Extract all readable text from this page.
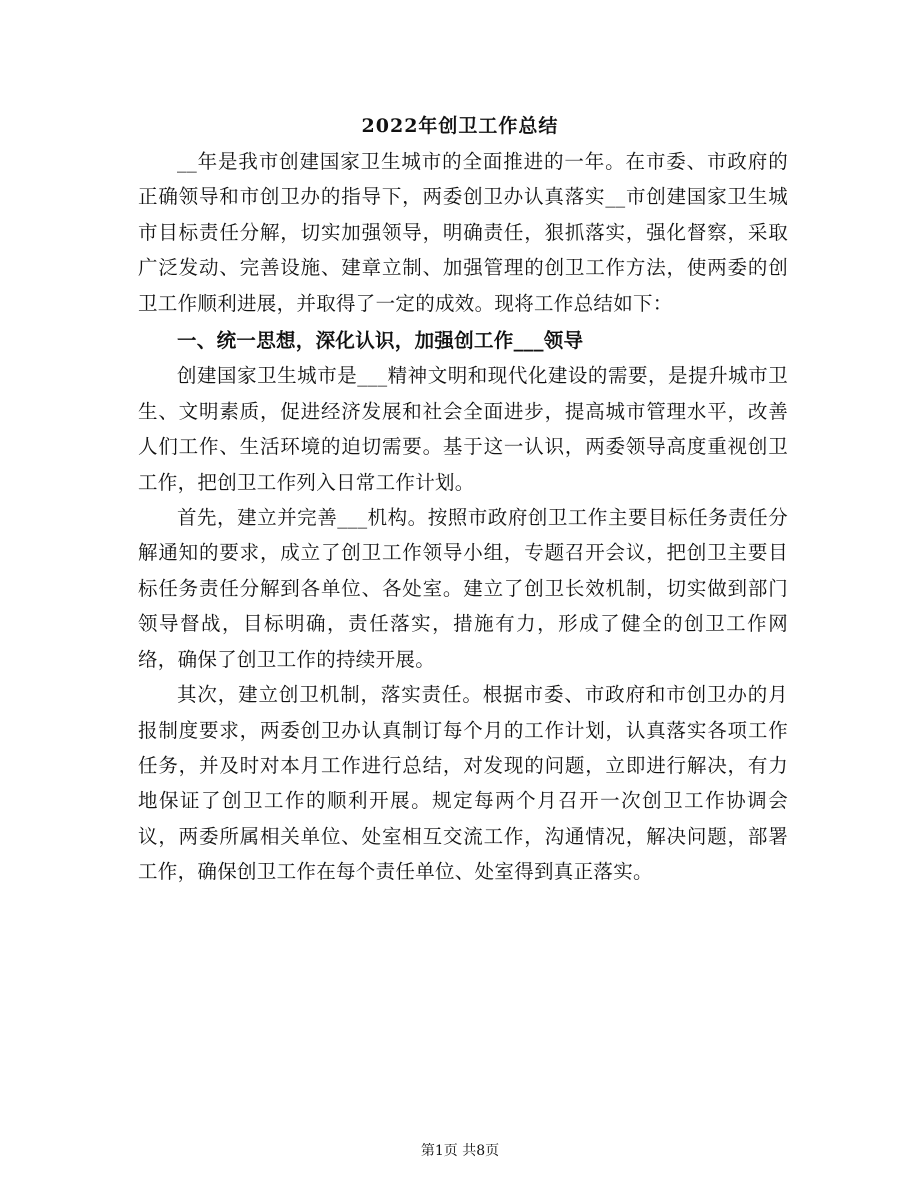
2022年创卫工作总结

__年是我市创建国家卫生城市的全面推进的一年。在市委、市政府的正确领导和市创卫办的指导下，两委创卫办认真落实__市创建国家卫生城市目标责任分解，切实加强领导，明确责任，狠抓落实，强化督察，采取广泛发动、完善设施、建章立制、加强管理的创卫工作方法，使两委的创卫工作顺利进展，并取得了一定的成效。现将工作总结如下：

一、统一思想，深化认识，加强创工作___领导

创建国家卫生城市是___精神文明和现代化建设的需要，是提升城市卫生、文明素质，促进经济发展和社会全面进步，提高城市管理水平，改善人们工作、生活环境的迫切需要。基于这一认识，两委领导高度重视创卫工作，把创卫工作列入日常工作计划。

首先，建立并完善___机构。按照市政府创卫工作主要目标任务责任分解通知的要求，成立了创卫工作领导小组，专题召开会议，把创卫主要目标任务责任分解到各单位、各处室。建立了创卫长效机制，切实做到部门领导督战，目标明确，责任落实，措施有力，形成了健全的创卫工作网络，确保了创卫工作的持续开展。

其次，建立创卫机制，落实责任。根据市委、市政府和市创卫办的月报制度要求，两委创卫办认真制订每个月的工作计划，认真落实各项工作任务，并及时对本月工作进行总结，对发现的问题，立即进行解决，有力地保证了创卫工作的顺利开展。规定每两个月召开一次创卫工作协调会议，两委所属相关单位、处室相互交流工作，沟通情况，解决问题，部署工作，确保创卫工作在每个责任单位、处室得到真正落实。

第1页 共8页
